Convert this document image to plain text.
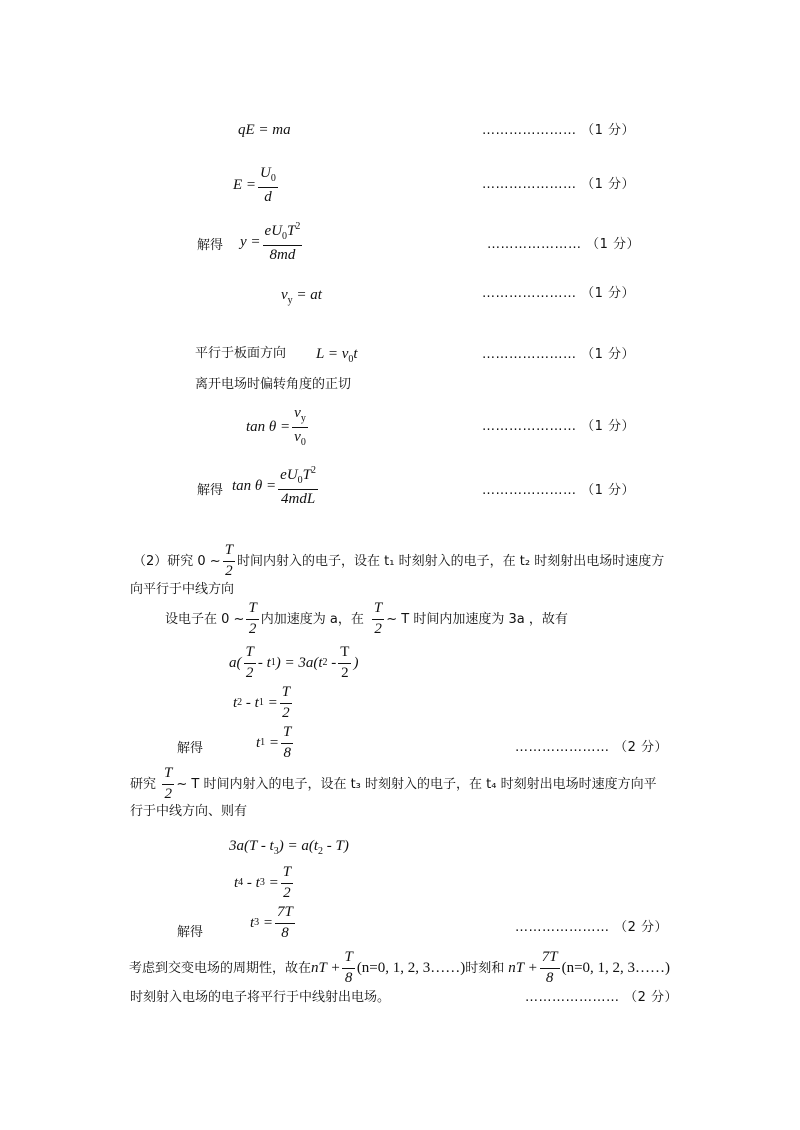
qE = ma	………………… （1 分）
$E = \frac{U_0}{d}$	………………… （1 分）
解得 $y = \frac{eU_0T^2}{8md}$	………………… （1 分）
$v_y$ = at	………………… （1 分）
平行于板面方向 $L = v_0t$	………………… （1 分）
离开电场时偏转角度的正切
$\tan \theta = \frac{v_y}{v_0}$	………………… （1 分）
解得 $\tan \theta = \frac{eU_0T^2}{\text{4mdL}}$	………………… （1 分）
（2）研究 0 ~ $\frac{T}{2}$ 时间内射入的电子，设在 t₁ 时刻射入的电子，在 t₂ 时刻射出电场时速度方
向平行于中线方向
设电子在 0 ~ $\frac{T}{2}$ 内加速度为 a，在 $\frac{T}{2}$ ~ T 时间内加速度为 3a ，故有
$a( \frac{T}{2}$ - t 1 ) = 3a(t 2
- $\frac{T}{2}$ )
t 2
- t 1
= $\frac{T}{2}$
解得	t 1
= $\frac{T}{8}$	………………… （2 分）
研究 $\frac{T}{2}$ ~ T 时间内射入的电子，设在 t₃ 时刻射入的电子，在 t₄ 时刻射出电场时速度方向平
行于中线方向、则有
$3a(T - t_3) = a(t_2 - T)$
t 4
- t 3
= $\frac{T}{2}$
解得
t 3
= $\frac{7T}{8}$	………………… （2 分）
考虑到交变电场的周期性，故在 nT + $\frac{T}{8} (n=0$, 1, 2, 3……) 时刻和 nT + $\frac{7T}{8} (n=0$, 1, 2, 3……)
时刻射入电场的电子将平行于中线射出电场。	………………… （2 分）
